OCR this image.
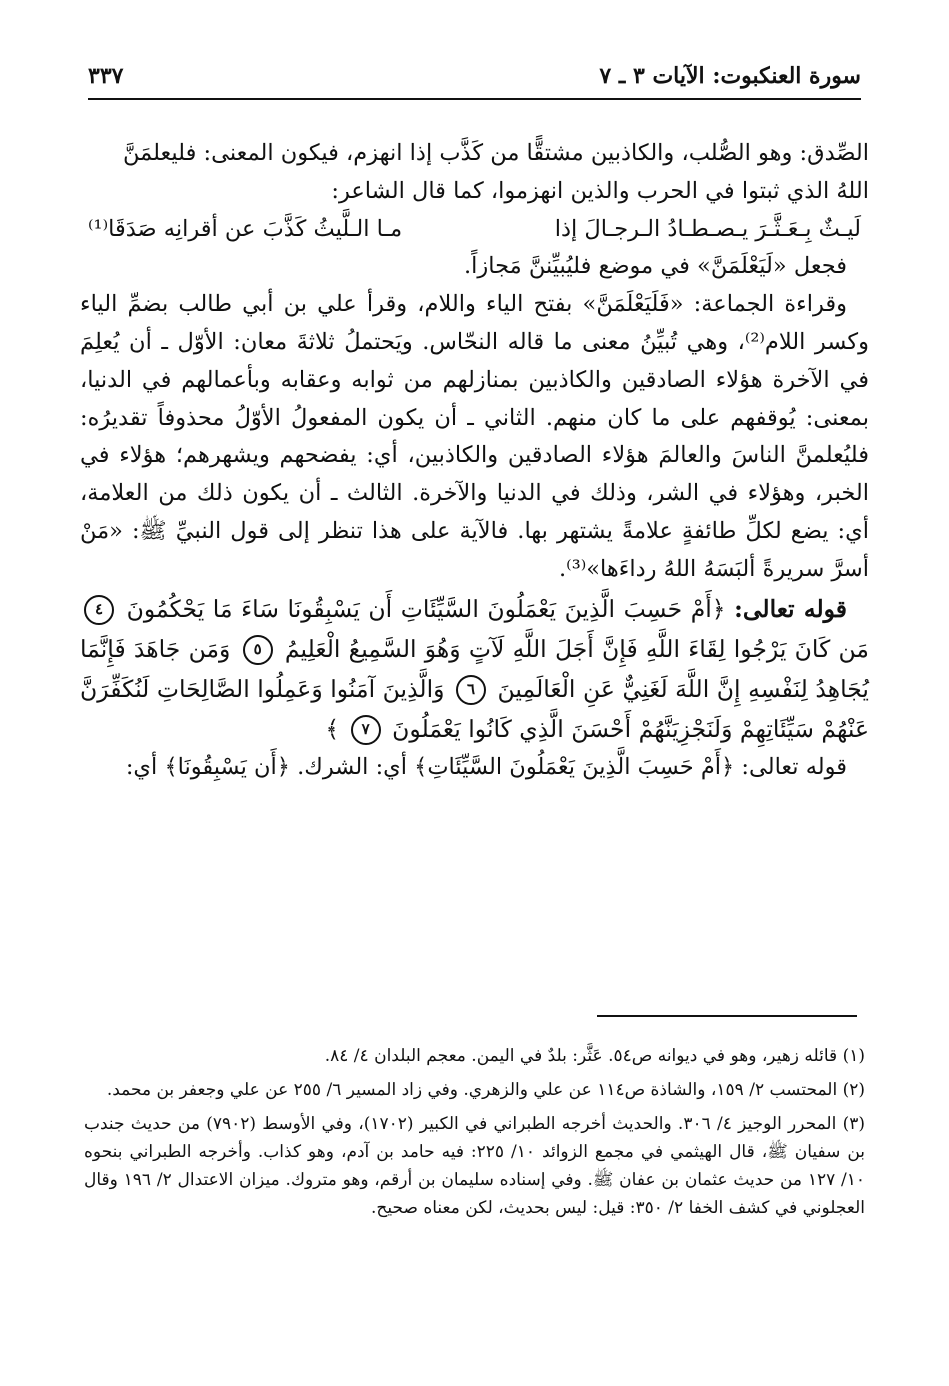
سورة العنكبوت: الآيات ٣ ـ ٧
٣٣٧

الصِّدق: وهو الصُّلب، والكاذبين مشتقًّا من كَذَّب إذا انهزم، فيكون المعنى: فليعلمَنَّ

اللهُ الذي ثبتوا في الحرب والذين انهزموا، كما قال الشاعر:

لَيـثٌ بِـعَـثَّـرَ يـصـطـادُ الـرجـالَ إذا
مـا الـلَّيثُ كَذَّبَ عن أقرانِه صَدَقَا⁽¹⁾

فجعل «لَيَعْلَمَنَّ» في موضع فليُبيِّننَّ مَجازاً.

وقراءة الجماعة: «فَلَيَعْلَمَنَّ» بفتح الياء واللام، وقرأ علي بن أبي طالب بضمِّ الياء وكسر اللام⁽²⁾، وهي تُبيِّنُ معنى ما قاله النحّاس. ويَحتملُ ثلاثةَ معان: الأوّل ـ أن يُعلِمَ في الآخرة هؤلاء الصادقين والكاذبين بمنازلهم من ثوابه وعقابه وبأعمالهم في الدنيا، بمعنى: يُوقفهم على ما كان منهم. الثاني ـ أن يكون المفعولُ الأوّلُ محذوفاً تقديرُه: فليُعلمنَّ الناسَ والعالمَ هؤلاء الصادقين والكاذبين، أي: يفضحهم ويشهرهم؛ هؤلاء في الخبر، وهؤلاء في الشر، وذلك في الدنيا والآخرة. الثالث ـ أن يكون ذلك من العلامة، أي: يضع لكلِّ طائفةٍ علامةً يشتهر بها. فالآية على هذا تنظر إلى قول النبيِّ ﷺ: «مَنْ أسرَّ سريرةً ألبَسَهُ اللهُ رداءَها»⁽³⁾.

قوله تعالى: ﴿أَمْ حَسِبَ الَّذِينَ يَعْمَلُونَ السَّيِّئَاتِ أَن يَسْبِقُونَا سَاءَ مَا يَحْكُمُونَ ٤ مَن كَانَ يَرْجُوا لِقَاءَ اللَّهِ فَإِنَّ أَجَلَ اللَّهِ لَآتٍ وَهُوَ السَّمِيعُ الْعَلِيمُ ٥ وَمَن جَاهَدَ فَإِنَّمَا يُجَاهِدُ لِنَفْسِهِ إِنَّ اللَّهَ لَغَنِيٌّ عَنِ الْعَالَمِينَ ٦ وَالَّذِينَ آمَنُوا وَعَمِلُوا الصَّالِحَاتِ لَنُكَفِّرَنَّ عَنْهُمْ سَيِّئَاتِهِمْ وَلَنَجْزِيَنَّهُمْ أَحْسَنَ الَّذِي كَانُوا يَعْمَلُونَ ٧ ﴾

قوله تعالى: ﴿أَمْ حَسِبَ الَّذِينَ يَعْمَلُونَ السَّيِّئَاتِ﴾ أي: الشرك. ﴿أَن يَسْبِقُونَا﴾ أي:

(١) قائله زهير، وهو في ديوانه ص٥٤. عَثَّر: بلدٌ في اليمن. معجم البلدان ٤/ ٨٤.

(٢) المحتسب ٢/ ١٥٩، والشاذة ص١١٤ عن علي والزهري. وفي زاد المسير ٦/ ٢٥٥ عن علي وجعفر بن محمد.

(٣) المحرر الوجيز ٤/ ٣٠٦. والحديث أخرجه الطبراني في الكبير (١٧٠٢)، وفي الأوسط (٧٩٠٢) من حديث جندب بن سفيان ﷺ، قال الهيثمي في مجمع الزوائد ١٠/ ٢٢٥: فيه حامد بن آدم، وهو كذاب. وأخرجه الطبراني بنحوه ١٠/ ١٢٧ من حديث عثمان بن عفان ﷺ. وفي إسناده سليمان بن أرقم، وهو متروك. ميزان الاعتدال ٢/ ١٩٦ وقال العجلوني في كشف الخفا ٢/ ٣٥٠: قيل: ليس بحديث، لكن معناه صحيح.
